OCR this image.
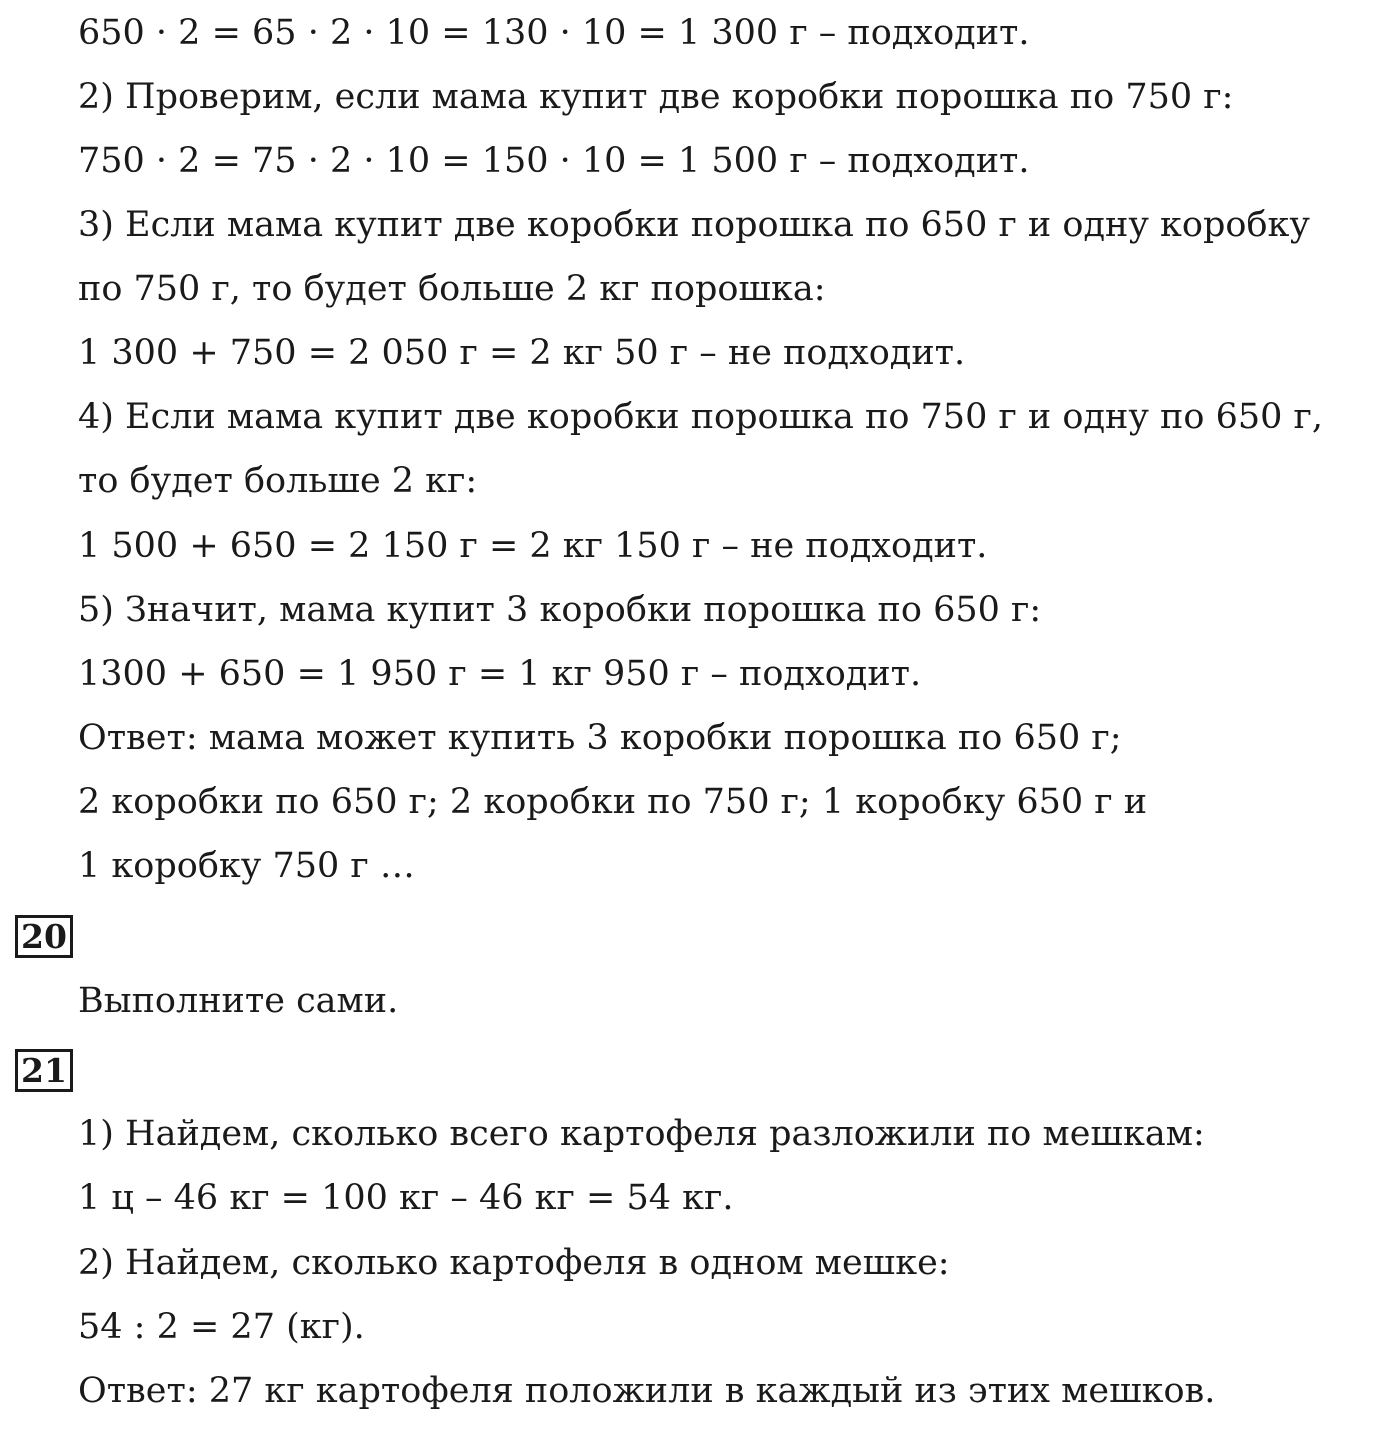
650 · 2 = 65 · 2 · 10 = 130 · 10 = 1 300 г – подходит.
2) Проверим, если мама купит две коробки порошка по 750 г:
750 · 2 = 75 · 2 · 10 = 150 · 10 = 1 500 г – подходит.
3) Если мама купит две коробки порошка по 650 г и одну коробку
по 750 г, то будет больше 2 кг порошка:
1 300 + 750 = 2 050 г = 2 кг 50 г – не подходит.
4) Если мама купит две коробки порошка по 750 г и одну по 650 г,
то будет больше 2 кг:
1 500 + 650 = 2 150 г = 2 кг 150 г – не подходит.
5) Значит, мама купит 3 коробки порошка по 650 г:
1300 + 650 = 1 950 г = 1 кг 950 г – подходит.
Ответ: мама может купить 3 коробки порошка по 650 г;
2 коробки по 650 г; 2 коробки по 750 г; 1 коробку 650 г и
1 коробку 750 г …
20
Выполните сами.
21
1) Найдем, сколько всего картофеля разложили по мешкам:
1 ц – 46 кг = 100 кг – 46 кг = 54 кг.
2) Найдем, сколько картофеля в одном мешке:
54 : 2 = 27 (кг).
Ответ: 27 кг картофеля положили в каждый из этих мешков.
